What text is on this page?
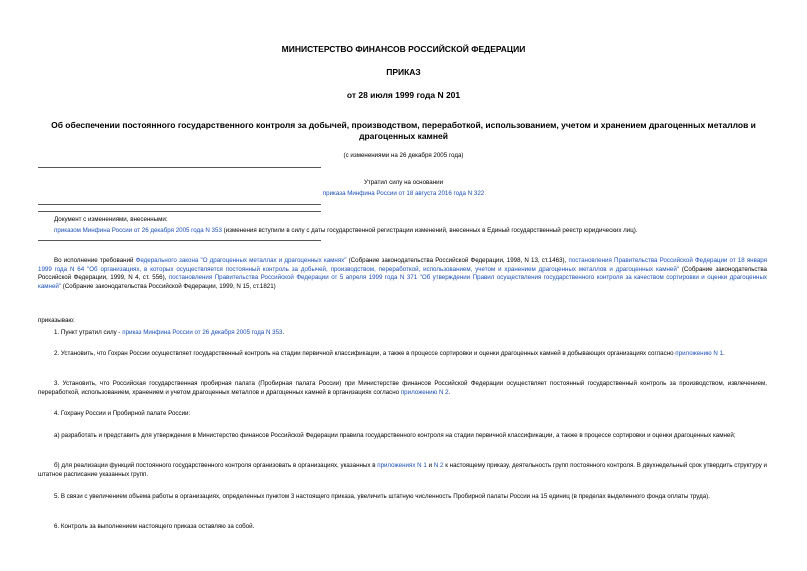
МИНИСТЕРСТВО ФИНАНСОВ РОССИЙСКОЙ ФЕДЕРАЦИИ
ПРИКАЗ
от 28 июля 1999 года N 201
Об обеспечении постоянного государственного контроля за добычей, производством, переработкой, использованием, учетом и хранением драгоценных металлов и драгоценных камней
(с изменениями на 26 декабря 2005 года)
Утратил силу на основании
приказа Минфина России от 18 августа 2016 года N 322
Документ с изменениями, внесенными:
приказом Минфина России от 26 декабря 2005 года N 353 (изменения вступили в силу с даты государственной регистрации изменений, внесенных в Единый государственный реестр юридических лиц).
Во исполнение требований Федерального закона "О драгоценных металлах и драгоценных камнях" (Собрание законодательства Российской Федерации, 1998, N 13, ст.1463), постановления Правительства Российской Федерации от 18 января 1999 года N 64 "Об организациях, в которых осуществляется постоянный контроль за добычей, производством, переработкой, использованием, учетом и хранением драгоценных металлов и драгоценных камней" (Собрание законодательства Российской Федерации, 1999, N 4, ст. 556), постановления Правительства Российской Федерации от 5 апреля 1999 года N 371 "Об утверждении Правил осуществления государственного контроля за качеством сортировки и оценки драгоценных камней" (Собрание законодательства Российской Федерации, 1999, N 15, ст.1821)
приказываю:
1. Пункт утратил силу - приказ Минфина России от 26 декабря 2005 года N 353.
2. Установить, что Гохран России осуществляет государственный контроль на стадии первичной классификации, а также в процессе сортировки и оценки драгоценных камней в добывающих организациях согласно приложению N 1.
3. Установить, что Российская государственная пробирная палата (Пробирная палата России) при Министерстве финансов Российской Федерации осуществляет постоянный государственный контроль за производством, извлечением, переработкой, использованием, хранением и учетом драгоценных металлов и драгоценных камней в организациях согласно приложению N 2.
4. Гохрану России и Пробирной палате России:
а) разработать и представить для утверждения в Министерство финансов Российской Федерации правила государственного контроля на стадии первичной классификации, а также в процессе сортировки и оценки драгоценных камней;
б) для реализации функций постоянного государственного контроля организовать в организациях, указанных в приложениях N 1 и N 2 к настоящему приказу, деятельность групп постоянного контроля. В двухнедельный срок утвердить структуру и штатное расписание указанных групп.
5. В связи с увеличением объема работы в организациях, определенных пунктом 3 настоящего приказа, увеличить штатную численность Пробирной палаты России на 15 единиц (в пределах выделенного фонда оплаты труда).
6. Контроль за выполнением настоящего приказа оставляю за собой.
